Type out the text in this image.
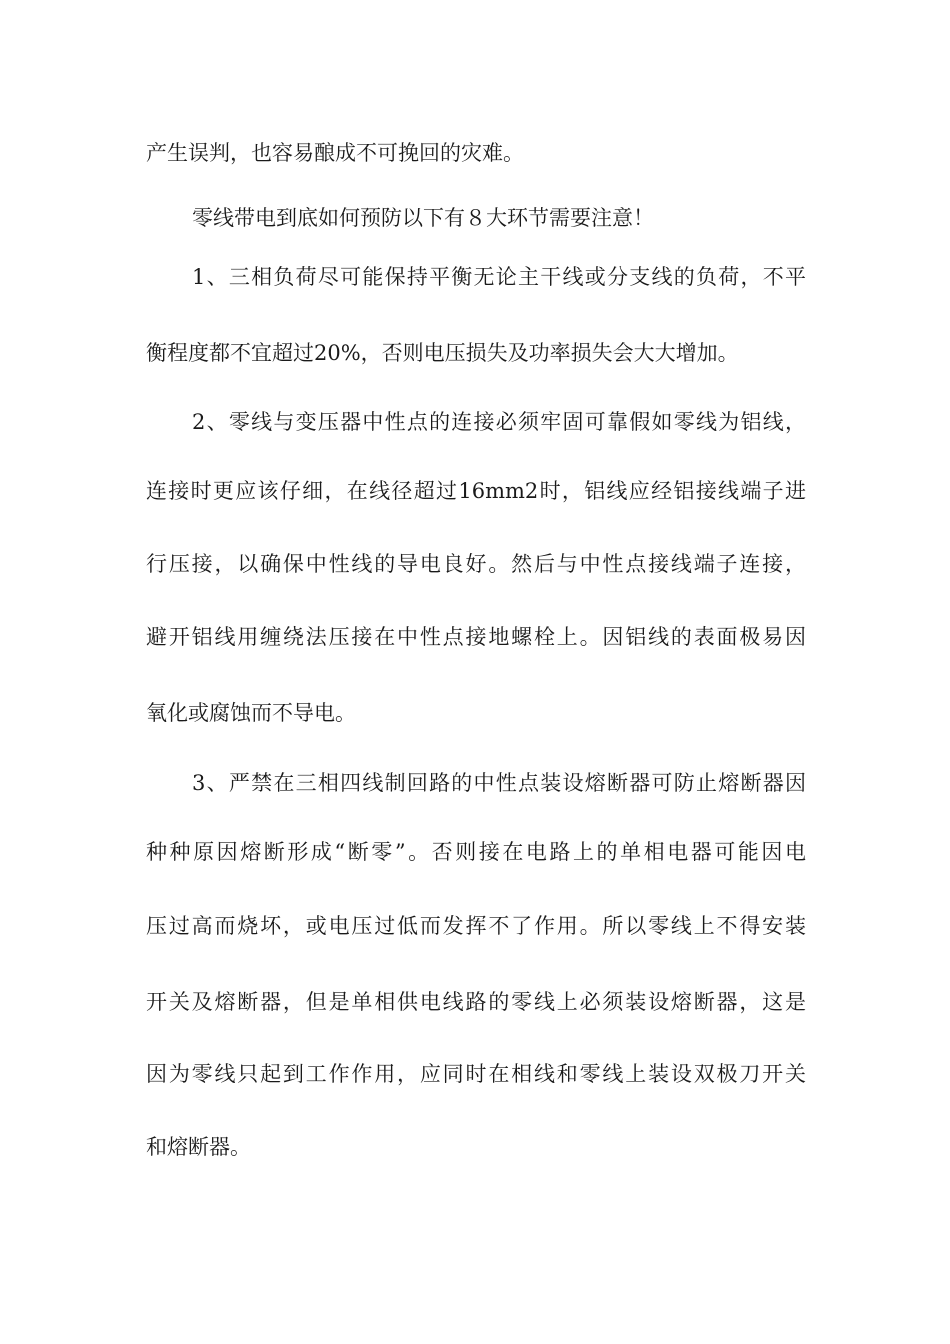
产生误判，也容易酿成不可挽回的灾难。
零线带电到底如何预防以下有８大环节需要注意！
1、三相负荷尽可能保持平衡无论主干线或分支线的负荷，不平
衡程度都不宜超过20%，否则电压损失及功率损失会大大增加。
2、零线与变压器中性点的连接必须牢固可靠假如零线为铝线，
连接时更应该仔细，在线径超过16mm2时，铝线应经铝接线端子进
行压接，以确保中性线的导电良好。然后与中性点接线端子连接，
避开铝线用缠绕法压接在中性点接地螺栓上。因铝线的表面极易因
氧化或腐蚀而不导电。
3、严禁在三相四线制回路的中性点装设熔断器可防止熔断器因
种种原因熔断形成“断零”。否则接在电路上的单相电器可能因电
压过高而烧坏，或电压过低而发挥不了作用。所以零线上不得安装
开关及熔断器，但是单相供电线路的零线上必须装设熔断器，这是
因为零线只起到工作作用，应同时在相线和零线上装设双极刀开关
和熔断器。
